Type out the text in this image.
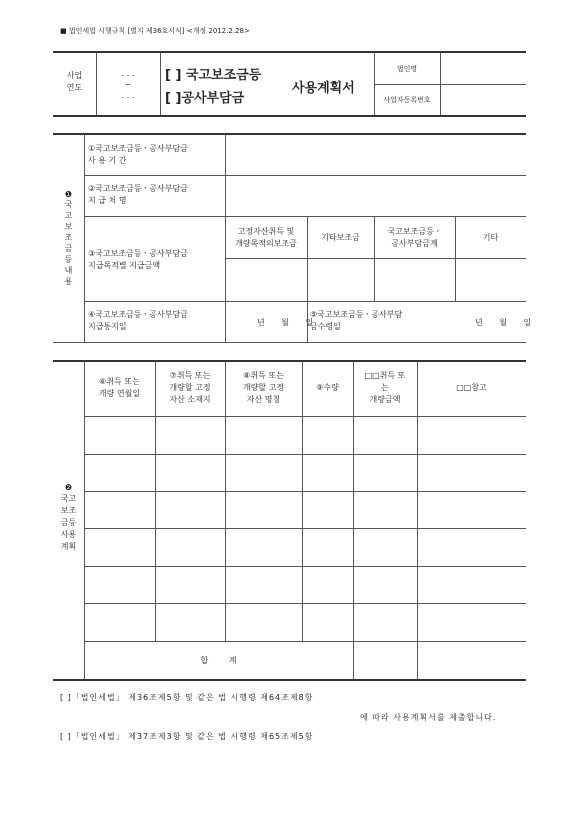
■ 법인세법 시행규칙 [별지 제36호서식] <개정 2012.2.28>
사업
연도
. . .
~
. . .
[ ] 국고보조금등
[ ]공사부담금
사용계획서
법인명
사업자등록번호
❶
국
고
보
조
금
등
내
용
①국고보조금등ㆍ공사부담금
사 용 기 간
②국고보조금등ㆍ공사부담금
지 급 처 명
③국고보조금등ㆍ공사부담금
지급목적별 지급금액
고정자산취득 및
개량목적의보조금
기타보조금
국고보조금등ㆍ
공사부담금계
기타
④국고보조금등ㆍ공사부담금
지급통지일	년 월 일
⑤국고보조금등ㆍ공사부담
금수령일	년 월 일
❷
국고
보조
금등
사용
계획
⑥취득 또는
개량 연월일
⑦취득 또는
개량할 고정
자산 소재지
⑧취득 또는
개량할 고정
자산 명칭
⑨수량
□□취득 또
는
개량금액
□□참고
합 계
[ ]「법인세법」 제36조제5항 및 같은 법 시행령 제64조제8항
에 따라 사용계획서를 제출합니다.
[ ]「법인세법」 제37조제3항 및 같은 법 시행령 제65조제5항
